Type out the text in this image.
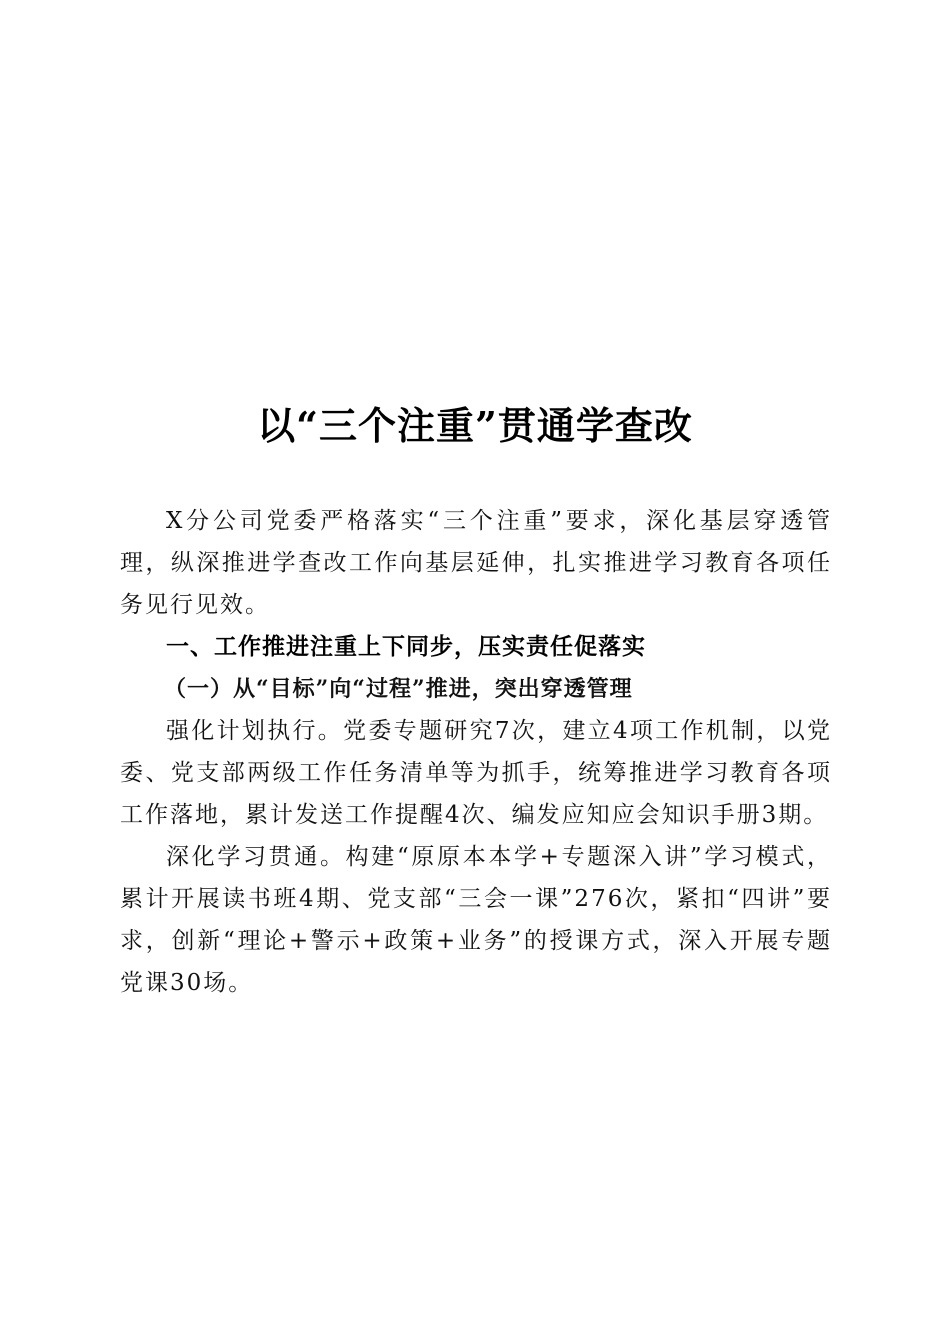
以“三个注重”贯通学查改

X分公司党委严格落实“三个注重”要求，深化基层穿透管理，纵深推进学查改工作向基层延伸，扎实推进学习教育各项任务见行见效。

一、工作推进注重上下同步，压实责任促落实

（一）从“目标”向“过程”推进，突出穿透管理

强化计划执行。党委专题研究7次，建立4项工作机制，以党委、党支部两级工作任务清单等为抓手，统筹推进学习教育各项工作落地，累计发送工作提醒4次、编发应知应会知识手册3期。

深化学习贯通。构建“原原本本学+专题深入讲”学习模式，累计开展读书班4期、党支部“三会一课”276次，紧扣“四讲”要求，创新“理论+警示+政策+业务”的授课方式，深入开展专题党课30场。
